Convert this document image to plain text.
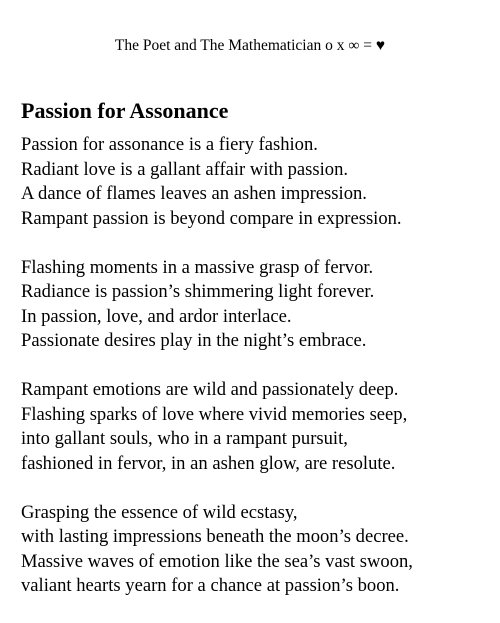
The Poet and The Mathematician o x ∞ = ♥
Passion for Assonance
Passion for assonance is a fiery fashion.
Radiant love is a gallant affair with passion.
A dance of flames leaves an ashen impression.
Rampant passion is beyond compare in expression.
Flashing moments in a massive grasp of fervor.
Radiance is passion’s shimmering light forever.
In passion, love, and ardor interlace.
Passionate desires play in the night’s embrace.
Rampant emotions are wild and passionately deep.
Flashing sparks of love where vivid memories seep,
into gallant souls, who in a rampant pursuit,
fashioned in fervor, in an ashen glow, are resolute.
Grasping the essence of wild ecstasy,
with lasting impressions beneath the moon’s decree.
Massive waves of emotion like the sea’s vast swoon,
valiant hearts yearn for a chance at passion’s boon.
